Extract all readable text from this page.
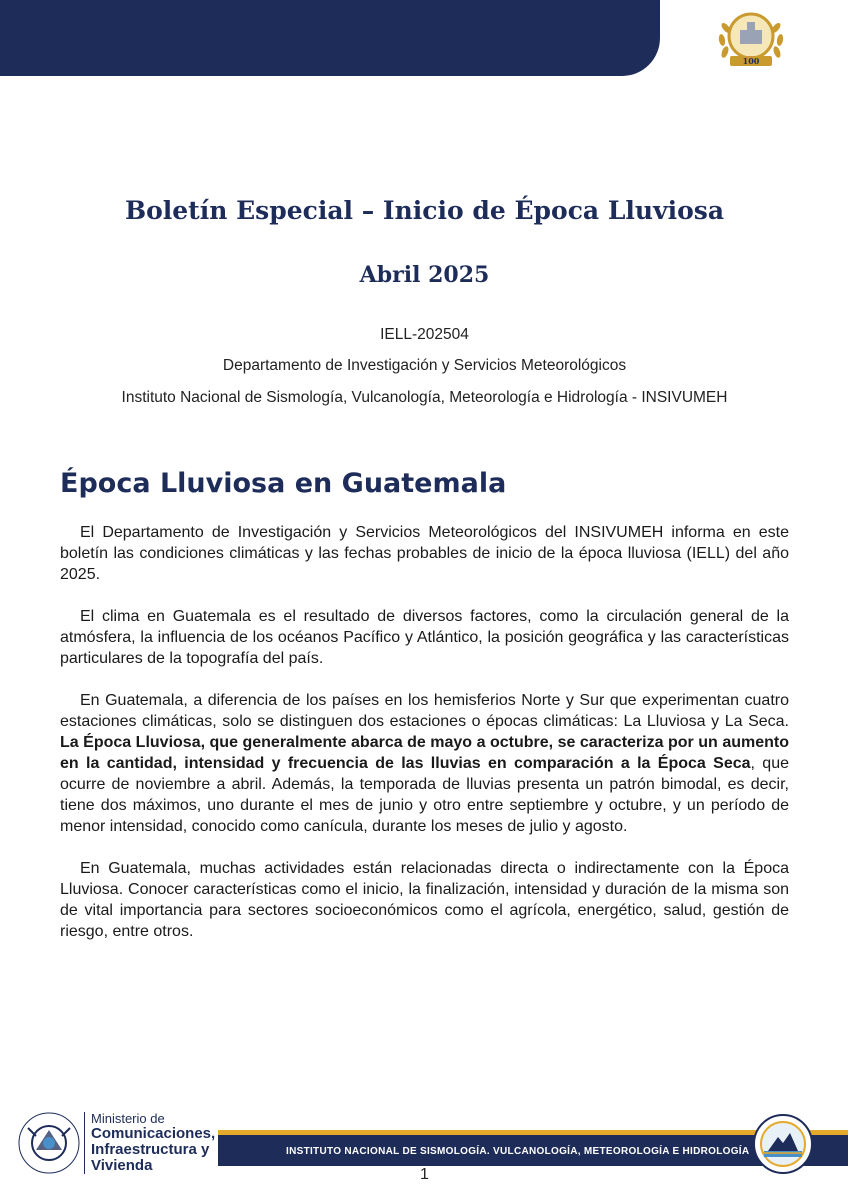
100
Boletín Especial – Inicio de Época Lluviosa
Abril 2025
IELL-202504
Departamento de Investigación y Servicios Meteorológicos
Instituto Nacional de Sismología, Vulcanología, Meteorología e Hidrología - INSIVUMEH
Época Lluviosa en Guatemala

El Departamento de Investigación y Servicios Meteorológicos del INSIVUMEH informa en este boletín las condiciones climáticas y las fechas probables de inicio de la época lluviosa (IELL) del año 2025.

El clima en Guatemala es el resultado de diversos factores, como la circulación general de la atmósfera, la influencia de los océanos Pacífico y Atlántico, la posición geográfica y las características particulares de la topografía del país.

En Guatemala, a diferencia de los países en los hemisferios Norte y Sur que experimentan cuatro estaciones climáticas, solo se distinguen dos estaciones o épocas climáticas: La Lluviosa y La Seca. La Época Lluviosa, que generalmente abarca de mayo a octubre, se caracteriza por un aumento en la cantidad, intensidad y frecuencia de las lluvias en comparación a la Época Seca, que ocurre de noviembre a abril. Además, la temporada de lluvias presenta un patrón bimodal, es decir, tiene dos máximos, uno durante el mes de junio y otro entre septiembre y octubre, y un período de menor intensidad, conocido como canícula, durante los meses de julio y agosto.

En Guatemala, muchas actividades están relacionadas directa o indirectamente con la Época Lluviosa. Conocer características como el inicio, la finalización, intensidad y duración de la misma son de vital importancia para sectores socioeconómicos como el agrícola, energético, salud, gestión de riesgo, entre otros.

Ministerio de
Comunicaciones,
Infraestructura y
Vivienda
INSTITUTO NACIONAL DE SISMOLOGÍA. VULCANOLOGÍA, METEOROLOGÍA E HIDROLOGÍA
1
